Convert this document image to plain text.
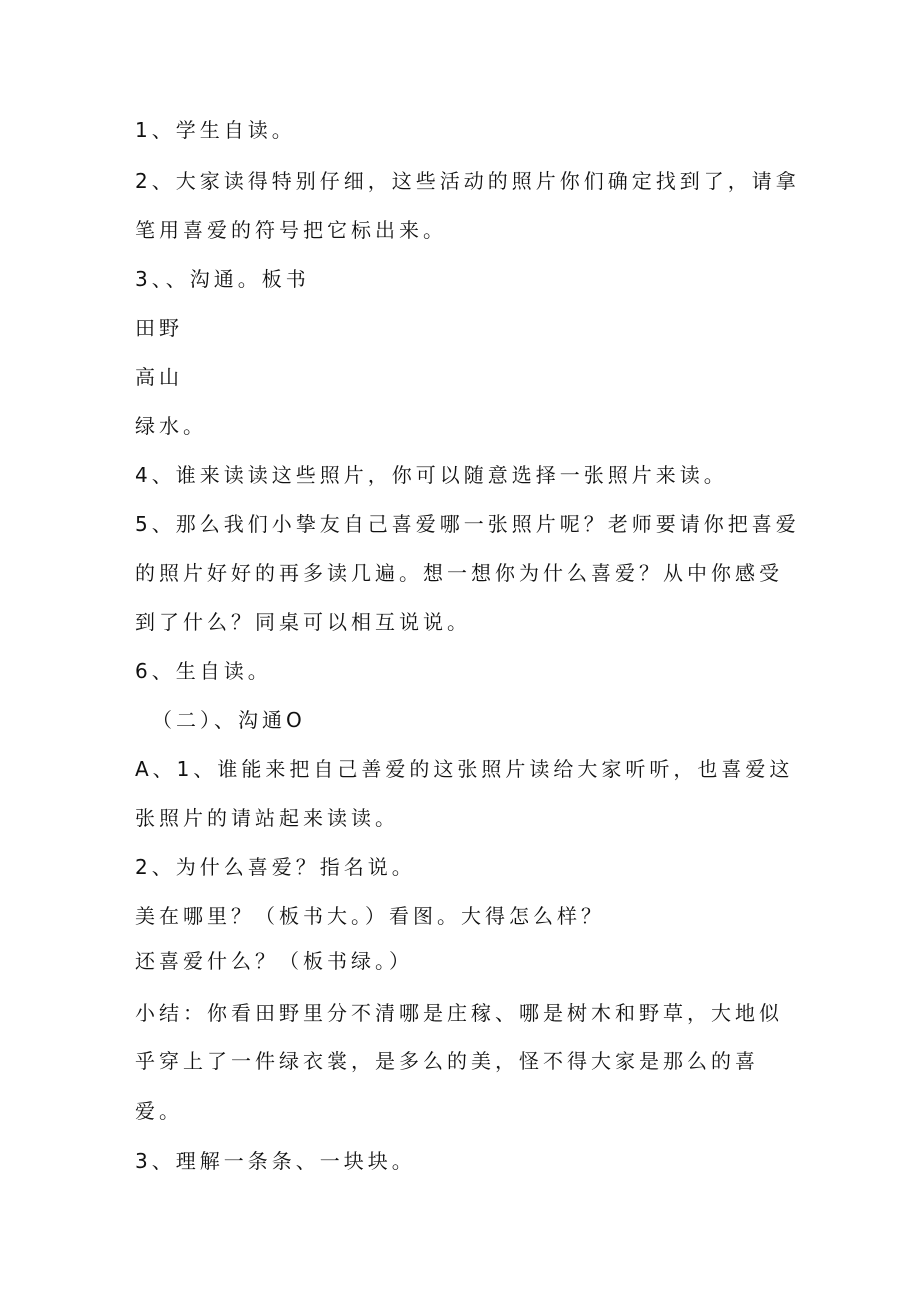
1、学生自读。
2、大家读得特别仔细，这些活动的照片你们确定找到了，请拿
笔用喜爱的符号把它标出来。
3、、沟通。板书
田野
高山
绿水。
4、谁来读读这些照片，你可以随意选择一张照片来读。
5、那么我们小挚友自己喜爱哪一张照片呢？老师要请你把喜爱
的照片好好的再多读几遍。想一想你为什么喜爱？从中你感受
到了什么？同桌可以相互说说。
6、生自读。
（二）、沟通O
A、1、谁能来把自己善爱的这张照片读给大家听听，也喜爱这
张照片的请站起来读读。
2、为什么喜爱？指名说。
美在哪里？（板书大。）看图。大得怎么样？
还喜爱什么？（板书绿。）
小结：你看田野里分不清哪是庄稼、哪是树木和野草，大地似
乎穿上了一件绿衣裳，是多么的美，怪不得大家是那么的喜
爱。
3、理解一条条、一块块。
